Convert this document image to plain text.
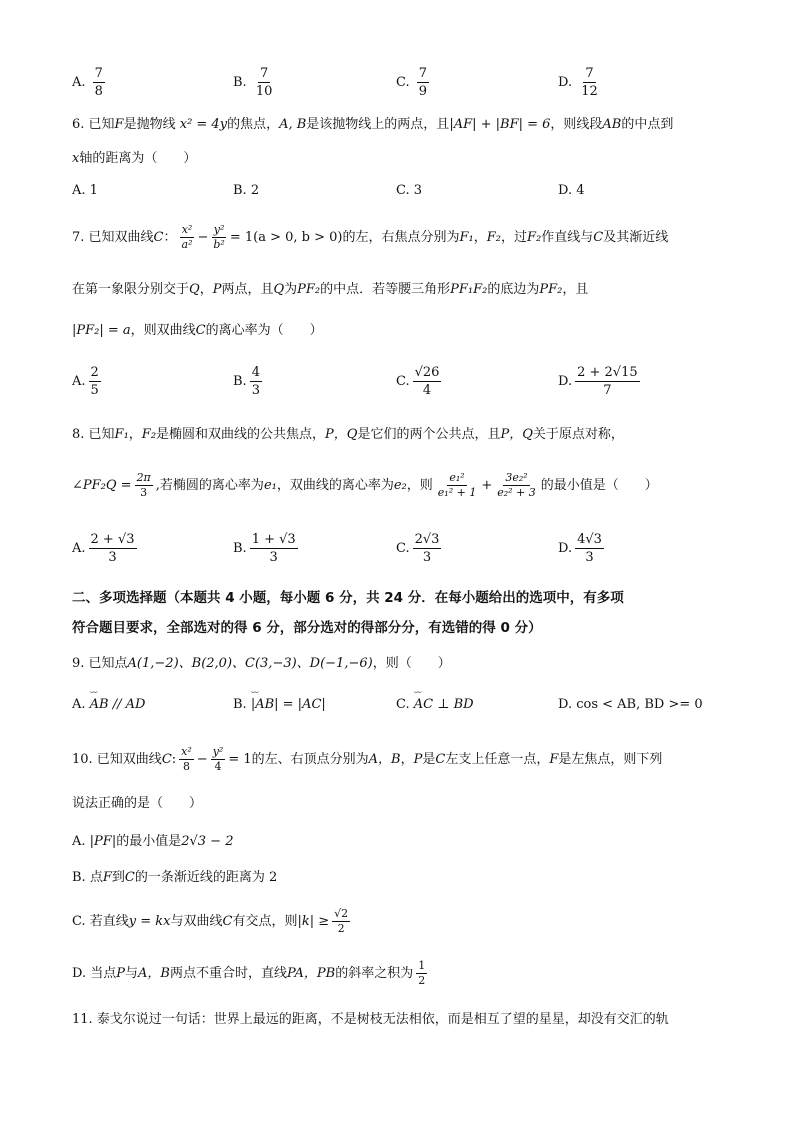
A. $\frac{7}{8}$	B. $\frac{7}{10}$	C. $\frac{7}{9}$	D. $\frac{7}{12}$
6. 已知F是抛物线 x² = 4y的焦点，A, B是该抛物线上的两点，且|AF| + |BF| = 6，则线段AB的中点到
x轴的距离为（　　）
A. 1	B. 2	C. 3	D. 4
7. 已知双曲线C： $\frac{\text{x²}}{\text{a²}} - \frac{\text{y²}}{\text{b²}} = 1(a > 0$, b > 0)的左，右焦点分别为F₁，F₂，过F₂作直线与C及其渐近线
在第一象限分别交于Q，P两点，且Q为PF₂的中点．若等腰三角形PF₁F₂的底边为PF₂，且
|PF₂| = a，则双曲线C的离心率为（　　）
A. $\frac{2}{5}$	B. $\frac{4}{3}$	C. $\frac{√26}{4}$	D. $\frac{2 + 2√15}{7}$
8. 已知F₁，F₂是椭圆和双曲线的公共焦点，P，Q是它们的两个公共点，且P，Q关于原点对称，
∠PF₂Q = $\frac{2\pi}{3}$ ,若椭圆的离心率为e₁，双曲线的离心率为e₂，则 $\frac{\text{e₁²}}{\text{e₁² + 1}} + \frac{\text{3e₂²}}{\text{e₂² + 3}}$ 的最小值是（　　）
A. $\frac{2 + √3}{3}$	B. $\frac{1 + √3}{3}$	C. $\frac{2√3}{3}$	D. $\frac{4√3}{3}$
二、多项选择题（本题共 4 小题，每小题 6 分，共 24 分．在每小题给出的选项中，有多项
符合题目要求，全部选对的得 6 分，部分选对的得部分分，有选错的得 0 分）
9. 已知点A(1,−2)、B(2,0)、C(3,−3)、D(−1,−6)，则（　　）
A. ⌣⌣ AB // AD	B. ⌣⌣ |AB| = |AC|	C. ⌣⌣ AC ⊥ BD	D. cos < AB, BD >= 0
10. 已知双曲线C: $\frac{\text{x²}}{8} - \frac{\text{y²}}{4} = 1$的左、右顶点分别为A，B，P是C左支上任意一点，F是左焦点，则下列
说法正确的是（　　）
A. |PF|的最小值是2√3 − 2
B. 点F到C的一条渐近线的距离为 2
C. 若直线y = kx与双曲线C有交点，则$|k| \ge \frac{√2}{2}$
D. 当点P与A，B两点不重合时，直线PA，PB的斜率之积为 $\frac{1}{2}$
11. 泰戈尔说过一句话：世界上最远的距离，不是树枝无法相依，而是相互了望的星星，却没有交汇的轨
